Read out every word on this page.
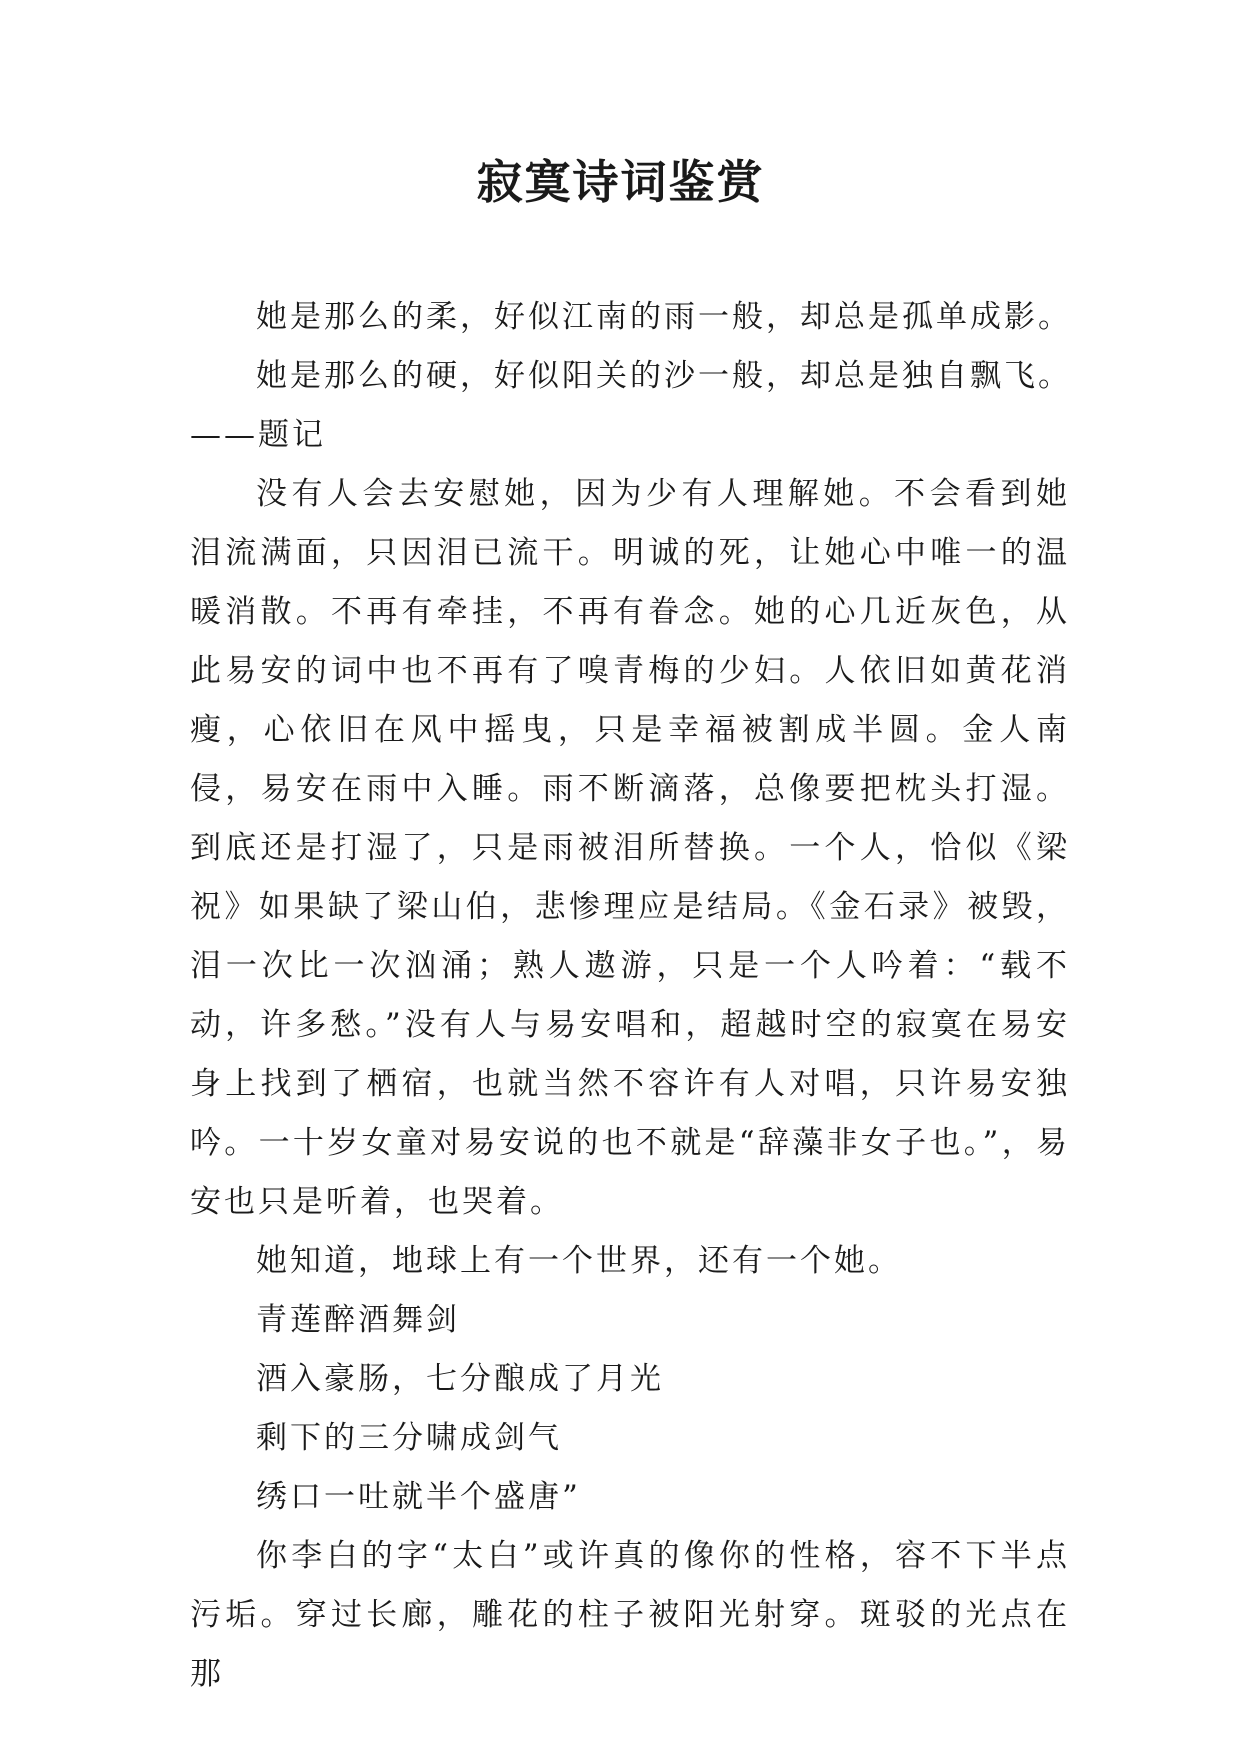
寂寞诗词鉴赏

她是那么的柔，好似江南的雨一般，却总是孤单成影。

她是那么的硬，好似阳关的沙一般，却总是独自飘飞。

——题记

没有人会去安慰她，因为少有人理解她。不会看到她泪流满面，只因泪已流干。明诚的死，让她心中唯一的温暖消散。不再有牵挂，不再有眷念。她的心几近灰色，从此易安的词中也不再有了嗅青梅的少妇。人依旧如黄花消瘦，心依旧在风中摇曳，只是幸福被割成半圆。金人南侵，易安在雨中入睡。雨不断滴落，总像要把枕头打湿。到底还是打湿了，只是雨被泪所替换。一个人，恰似《梁祝》如果缺了梁山伯，悲惨理应是结局。《金石录》被毁，泪一次比一次汹涌；熟人遨游，只是一个人吟着：“载不动，许多愁。”没有人与易安唱和，超越时空的寂寞在易安身上找到了栖宿，也就当然不容许有人对唱，只许易安独吟。一十岁女童对易安说的也不就是“辞藻非女子也。”，易安也只是听着，也哭着。

她知道，地球上有一个世界，还有一个她。

青莲醉酒舞剑

酒入豪肠，七分酿成了月光

剩下的三分啸成剑气

绣口一吐就半个盛唐”

你李白的字“太白”或许真的像你的性格，容不下半点污垢。穿过长廊，雕花的柱子被阳光射穿。斑驳的光点在那
